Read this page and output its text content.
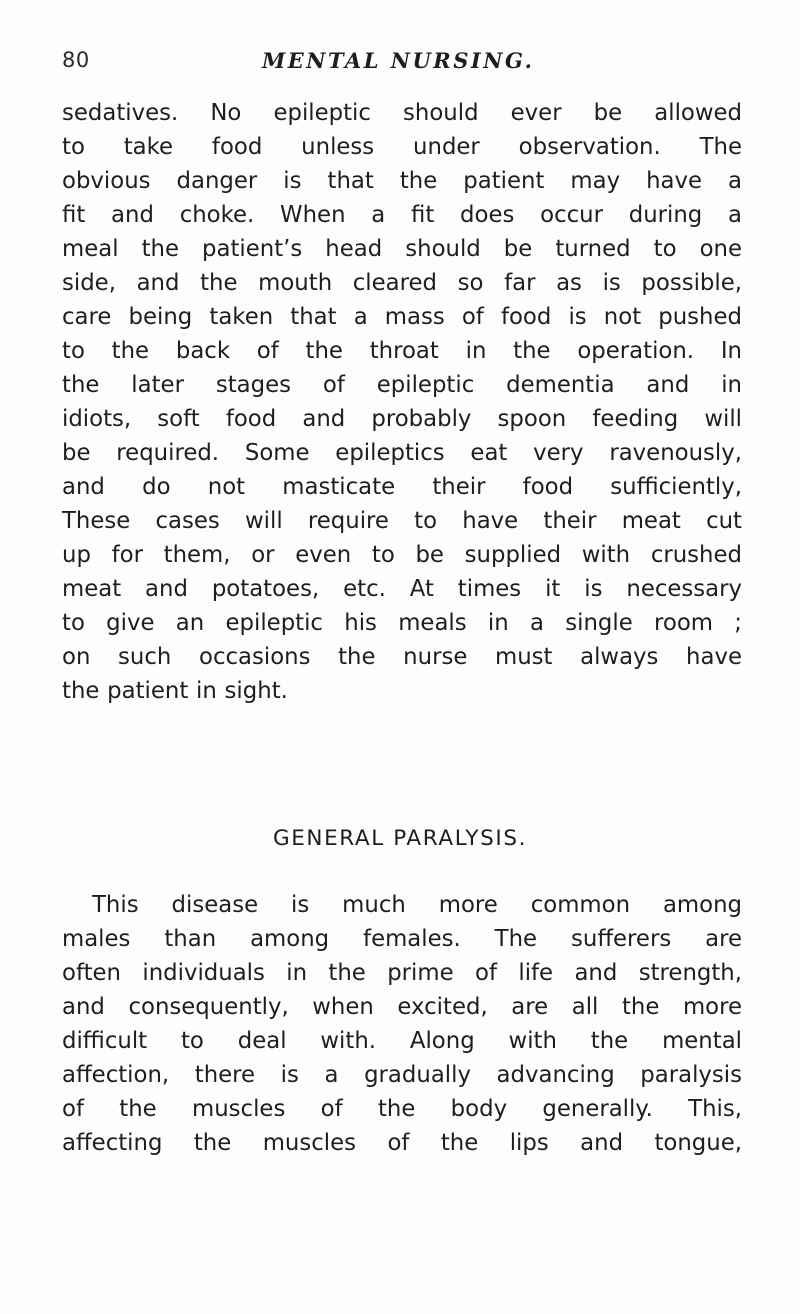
80	MENTAL NURSING.
sedatives. No epileptic should ever be allowed
to take food unless under observation. The
obvious danger is that the patient may have a
fit and choke. When a fit does occur during a
meal the patient’s head should be turned to one
side, and the mouth cleared so far as is possible,
care being taken that a mass of food is not pushed
to the back of the throat in the operation. In
the later stages of epileptic dementia and in
idiots, soft food and probably spoon feeding will
be required. Some epileptics eat very ravenously,
and do not masticate their food sufficiently,
These cases will require to have their meat cut
up for them, or even to be supplied with crushed
meat and potatoes, etc. At times it is necessary
to give an epileptic his meals in a single room ;
on such occasions the nurse must always have
the patient in sight.
GENERAL PARALYSIS.
This disease is much more common among
males than among females. The sufferers are
often individuals in the prime of life and strength,
and consequently, when excited, are all the more
difficult to deal with. Along with the mental
affection, there is a gradually advancing paralysis
of the muscles of the body generally. This,
affecting the muscles of the lips and tongue,
